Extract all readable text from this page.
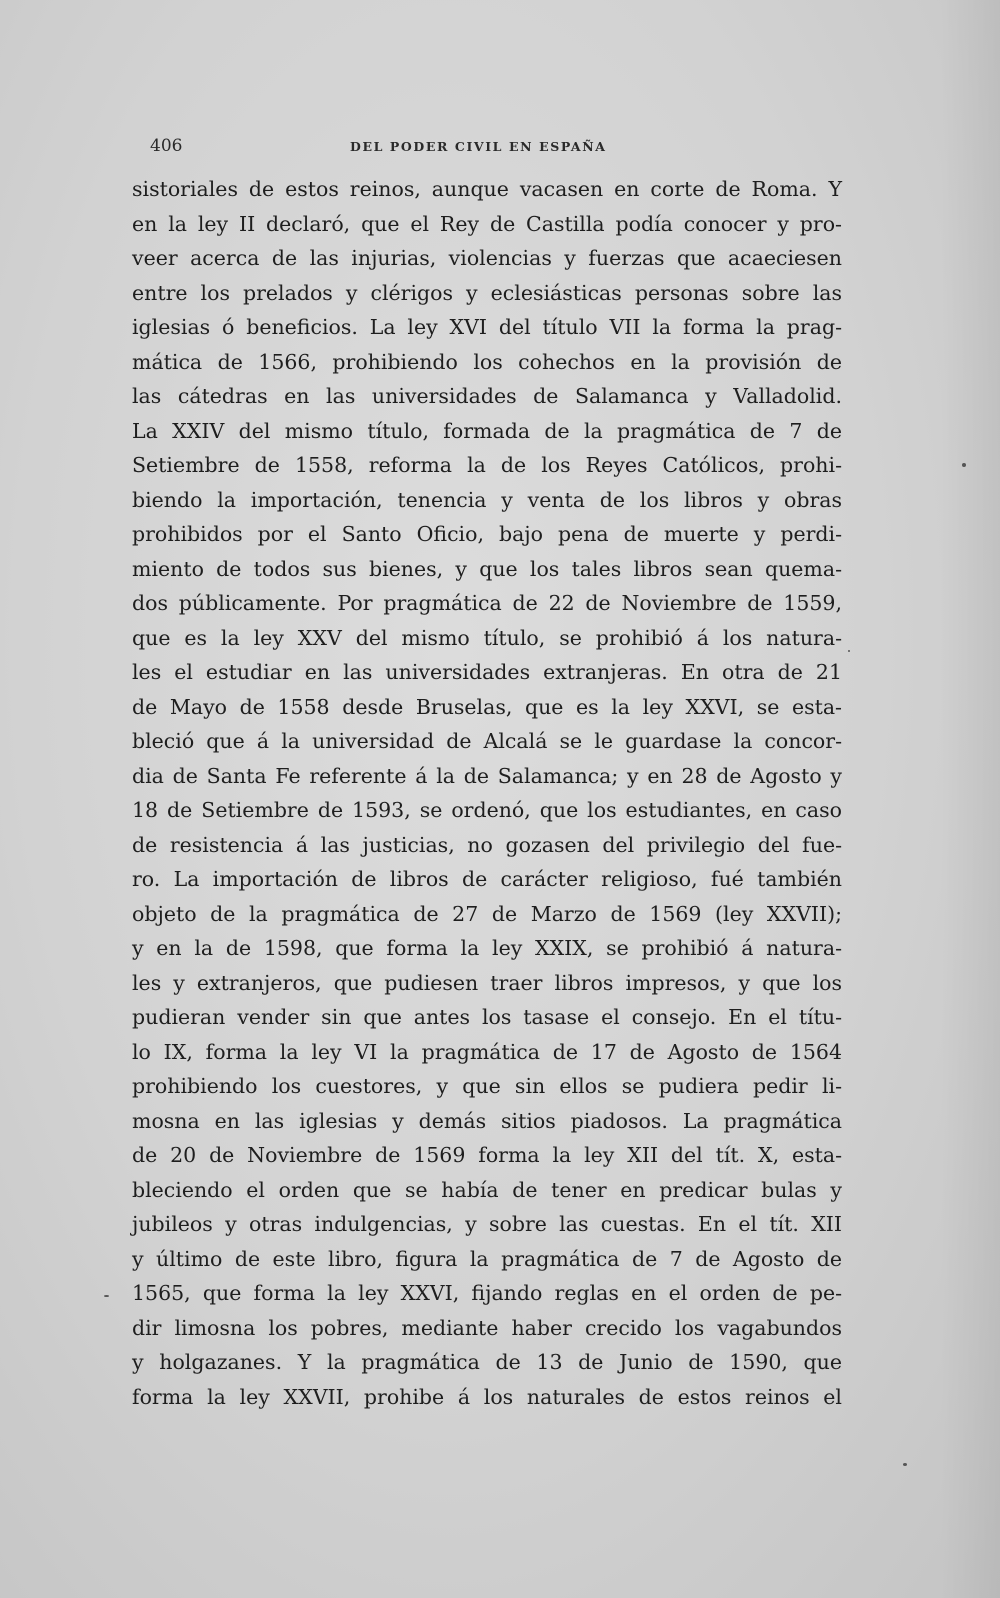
406	DEL PODER CIVIL EN ESPAÑA
sistoriales de estos reinos, aunque vacasen en corte de Roma. Y
en la ley II declaró, que el Rey de Castilla podía conocer y pro-
veer acerca de las injurias, violencias y fuerzas que acaeciesen
entre los prelados y clérigos y eclesiásticas personas sobre las
iglesias ó beneficios. La ley XVI del título VII la forma la prag-
mática de 1566, prohibiendo los cohechos en la provisión de
las cátedras en las universidades de Salamanca y Valladolid.
La XXIV del mismo título, formada de la pragmática de 7 de
Setiembre de 1558, reforma la de los Reyes Católicos, prohi-
biendo la importación, tenencia y venta de los libros y obras
prohibidos por el Santo Oficio, bajo pena de muerte y perdi-
miento de todos sus bienes, y que los tales libros sean quema-
dos públicamente. Por pragmática de 22 de Noviembre de 1559,
que es la ley XXV del mismo título, se prohibió á los natura-
les el estudiar en las universidades extranjeras. En otra de 21
de Mayo de 1558 desde Bruselas, que es la ley XXVI, se esta-
bleció que á la universidad de Alcalá se le guardase la concor-
dia de Santa Fe referente á la de Salamanca; y en 28 de Agosto y
18 de Setiembre de 1593, se ordenó, que los estudiantes, en caso
de resistencia á las justicias, no gozasen del privilegio del fue-
ro. La importación de libros de carácter religioso, fué también
objeto de la pragmática de 27 de Marzo de 1569 (ley XXVII);
y en la de 1598, que forma la ley XXIX, se prohibió á natura-
les y extranjeros, que pudiesen traer libros impresos, y que los
pudieran vender sin que antes los tasase el consejo. En el títu-
lo IX, forma la ley VI la pragmática de 17 de Agosto de 1564
prohibiendo los cuestores, y que sin ellos se pudiera pedir li-
mosna en las iglesias y demás sitios piadosos. La pragmática
de 20 de Noviembre de 1569 forma la ley XII del tít. X, esta-
bleciendo el orden que se había de tener en predicar bulas y
jubileos y otras indulgencias, y sobre las cuestas. En el tít. XII
y último de este libro, figura la pragmática de 7 de Agosto de
1565, que forma la ley XXVI, fijando reglas en el orden de pe-
dir limosna los pobres, mediante haber crecido los vagabundos
y holgazanes. Y la pragmática de 13 de Junio de 1590, que
forma la ley XXVII, prohibe á los naturales de estos reinos el
